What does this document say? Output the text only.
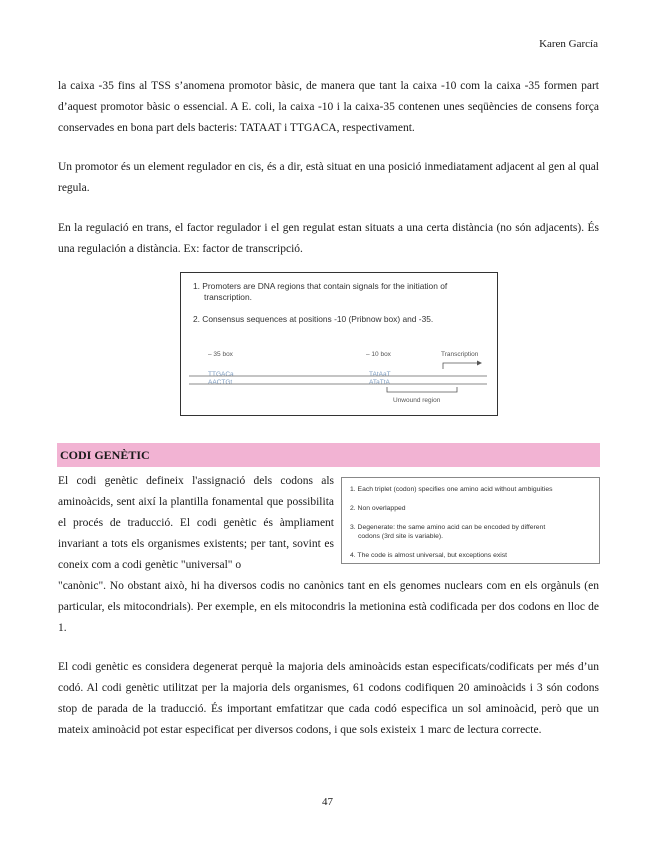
Karen García

la caixa -35 fins al TSS s’anomena promotor bàsic, de manera que tant la caixa -10 com la caixa -35 formen part d’aquest promotor bàsic o essencial. A E. coli, la caixa -10 i la caixa-35 contenen unes seqüències de consens força conservades en bona part dels bacteris: TATAAT i TTGACA, respectivament.

Un promotor és un element regulador en cis, és a dir, està situat en una posició inmediatament adjacent al gen al qual regula.

En la regulació en trans, el factor regulador i el gen regulat estan situats a una certa distància (no són adjacents). És una regulación a distància. Ex: factor de transcripció.

1. Promoters are DNA regions that contain signals for the initiation of
transcription.
2. Consensus sequences at positions -10 (Pribnow box) and -35.
– 35 box	– 10 box	Transcription
TTGACa
AACTGt
TAtAaT
ATaTtA
Unwound region
CODI GENÈTIC

El codi genètic defineix l'assignació dels codons als aminoàcids, sent així la plantilla fonamental que possibilita el procés de traducció. El codi genètic és àmpliament invariant a tots els organismes existents; per tant, sovint es coneix com a codi genètic "universal" o

1. Each triplet (codon) specifies one amino acid without ambiguities
2. Non overlapped
3. Degenerate: the same amino acid can be encoded by different
codons (3rd site is variable).
4. The code is almost universal, but exceptions exist

"canònic". No obstant això, hi ha diversos codis no canònics tant en els genomes nuclears com en els orgànuls (en particular, els mitocondrials). Per exemple, en els mitocondris la metionina està codificada per dos codons en lloc de 1.

El codi genètic es considera degenerat perquè la majoria dels aminoàcids estan especificats/codificats per més d’un codó. Al codi genètic utilitzat per la majoria dels organismes, 61 codons codifiquen 20 aminoàcids i 3 són codons stop de parada de la traducció. És important emfatitzar que cada codó especifica un sol aminoàcid, però que un mateix aminoàcid pot estar especificat per diversos codons, i que sols existeix 1 marc de lectura correcte.

47
